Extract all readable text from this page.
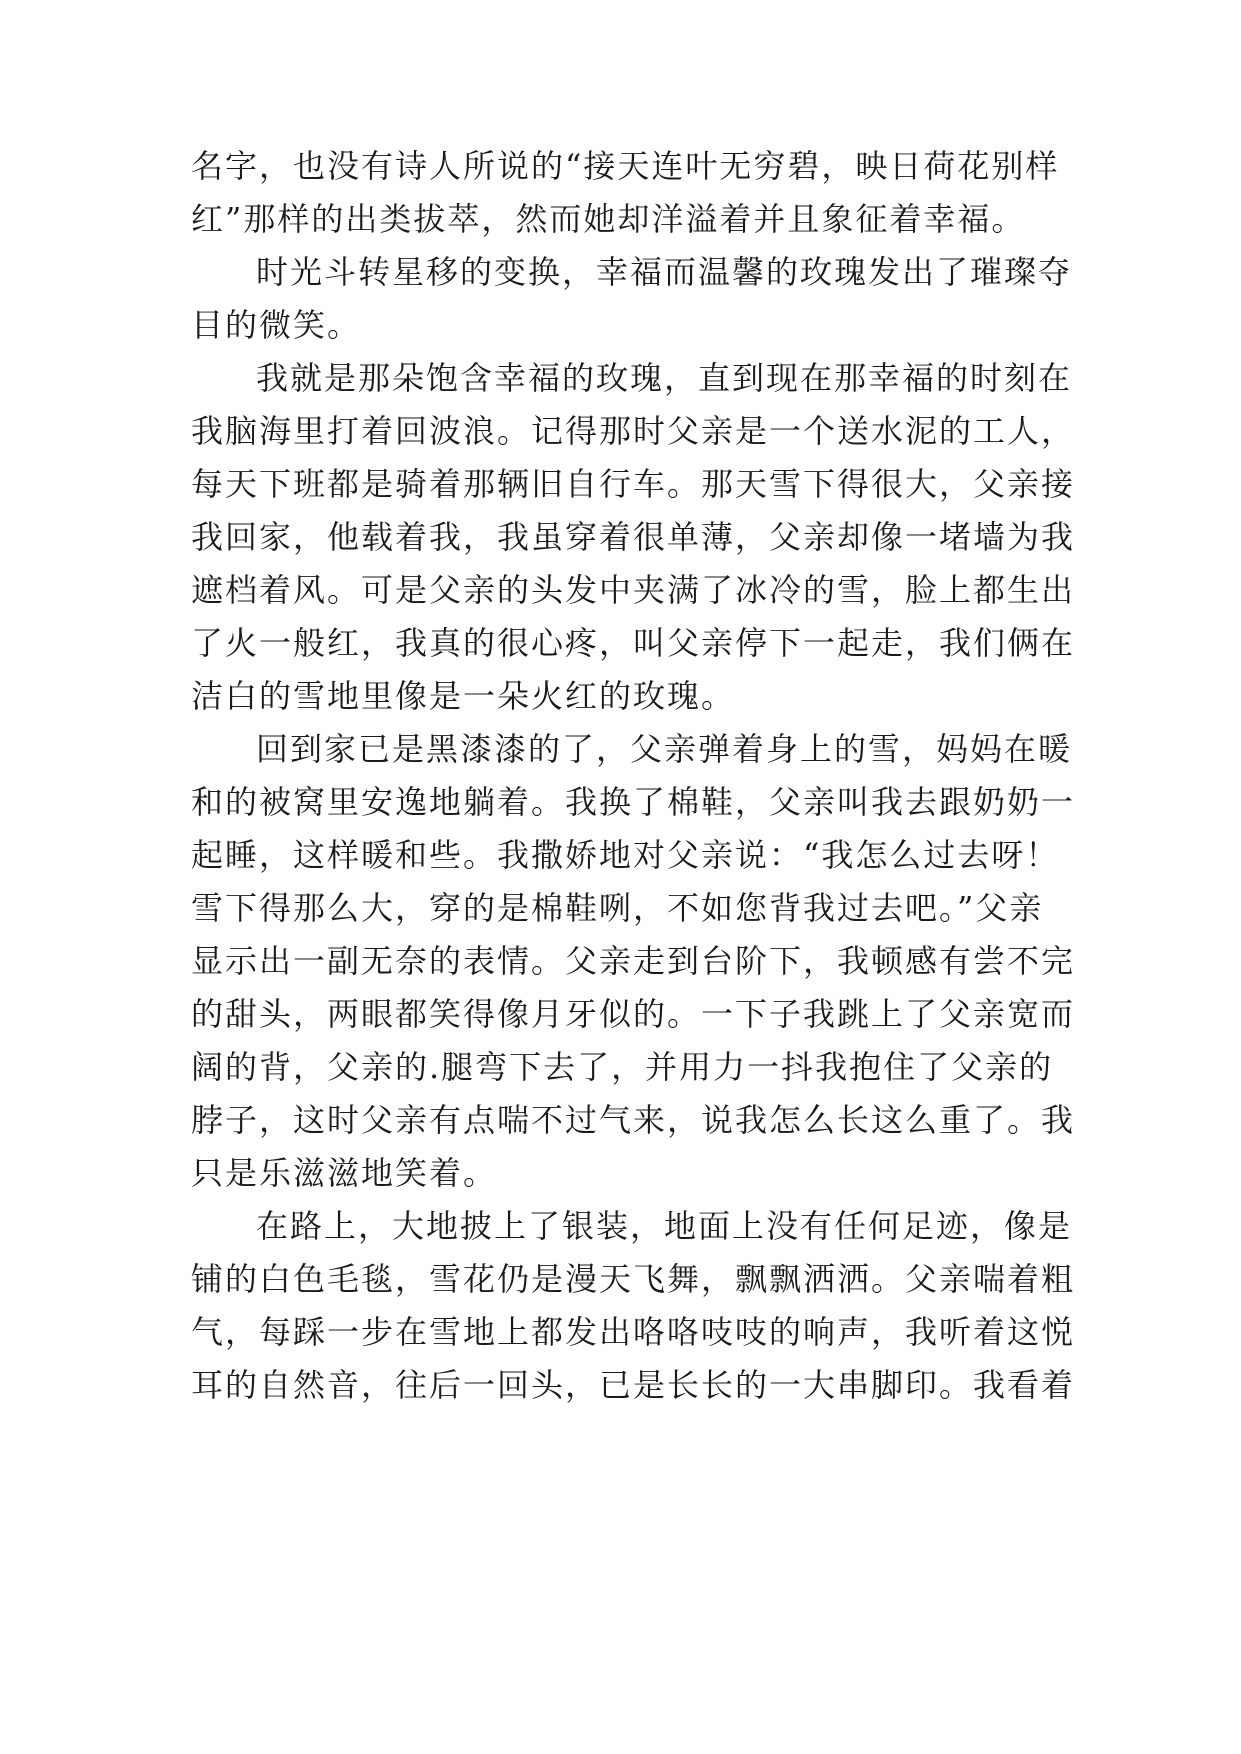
名字，也没有诗人所说的“接天连叶无穷碧，映日荷花别样
红”那样的出类拔萃，然而她却洋溢着并且象征着幸福。
时光斗转星移的变换，幸福而温馨的玫瑰发出了璀璨夺
目的微笑。
我就是那朵饱含幸福的玫瑰，直到现在那幸福的时刻在
我脑海里打着回波浪。记得那时父亲是一个送水泥的工人，
每天下班都是骑着那辆旧自行车。那天雪下得很大，父亲接
我回家，他载着我，我虽穿着很单薄，父亲却像一堵墙为我
遮档着风。可是父亲的头发中夹满了冰冷的雪，脸上都生出
了火一般红，我真的很心疼，叫父亲停下一起走，我们俩在
洁白的雪地里像是一朵火红的玫瑰。
回到家已是黑漆漆的了，父亲弹着身上的雪，妈妈在暖
和的被窝里安逸地躺着。我换了棉鞋，父亲叫我去跟奶奶一
起睡，这样暖和些。我撒娇地对父亲说：“我怎么过去呀！
雪下得那么大，穿的是棉鞋咧，不如您背我过去吧。”父亲
显示出一副无奈的表情。父亲走到台阶下，我顿感有尝不完
的甜头，两眼都笑得像月牙似的。一下子我跳上了父亲宽而
阔的背，父亲的.腿弯下去了，并用力一抖我抱住了父亲的
脖子，这时父亲有点喘不过气来，说我怎么长这么重了。我
只是乐滋滋地笑着。
在路上，大地披上了银装，地面上没有任何足迹，像是
铺的白色毛毯，雪花仍是漫天飞舞，飘飘洒洒。父亲喘着粗
气，每踩一步在雪地上都发出咯咯吱吱的响声，我听着这悦
耳的自然音，往后一回头，已是长长的一大串脚印。我看着
